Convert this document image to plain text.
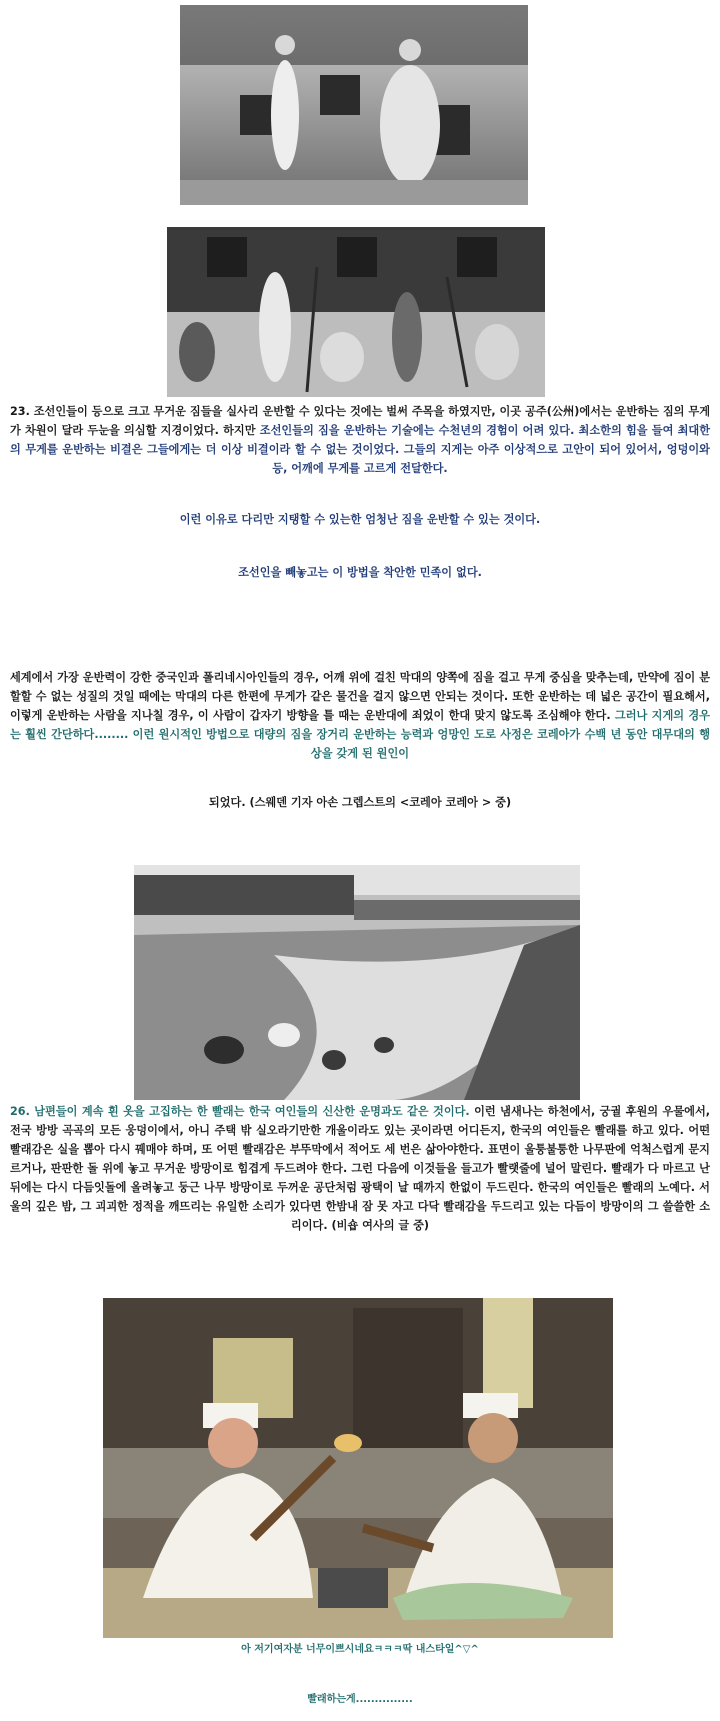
23. 조선인들이 등으로 크고 무거운 짐들을 실사리 운반할 수 있다는 것에는 벌써 주목을 하였지만, 이곳 공주(公州)에서는 운반하는 짐의 무게가 차원이 달라 두눈을 의심할 지경이었다. 하지만 조선인들의 짐을 운반하는 기술에는 수천년의 경험이 어려 있다. 최소한의 힘을 들여 최대한의 무게를 운반하는 비결은 그들에게는 더 이상 비결이라 할 수 없는 것이었다. 그들의 지게는 아주 이상적으로 고안이 되어 있어서, 엉덩이와 등, 어깨에 무게를 고르게 전달한다.
이런 이유로 다리만 지탱할 수 있는한 엄청난 짐을 운반할 수 있는 것이다.
조선인을 빼놓고는 이 방법을 착안한 민족이 없다.
세계에서 가장 운반력이 강한 중국인과 폴리네시아인들의 경우, 어깨 위에 걸친 막대의 양쪽에 짐을 걸고 무게 중심을 맞추는데, 만약에 짐이 분할할 수 없는 성질의 것일 때에는 막대의 다른 한편에 무게가 같은 물건을 걸지 않으면 안되는 것이다. 또한 운반하는 데 넓은 공간이 필요해서, 이렇게 운반하는 사람을 지나칠 경우, 이 사람이 갑자기 방향을 틀 때는 운반대에 죄었이 한대 맞지 않도록 조심해야 한다. 그러나 지게의 경우는 훨씬 간단하다........ 이런 원시적인 방법으로 대량의 짐을 장거리 운반하는 능력과 엉망인 도로 사정은 코레아가 수백 년 동안 대무대의 행상을 갖게 된 원인이
되었다. (스웨덴 기자 아손 그렙스트의 <코레아 코레아 > 중)
26. 남편들이 계속 흰 옷을 고집하는 한 빨래는 한국 여인들의 신산한 운명과도 같은 것이다. 이런 냄새나는 하천에서, 궁궐 후원의 우물에서, 전국 방방 곡곡의 모든 웅덩이에서, 아니 주택 밖 실오라기만한 개울이라도 있는 곳이라면 어디든지, 한국의 여인들은 빨래를 하고 있다. 어떤 빨래감은 실을 뽑아 다시 꿰매야 하며, 또 어떤 빨래감은 부뚜막에서 적어도 세 번은 삶아야한다. 표면이 울퉁불퉁한 나무판에 억척스럽게 문지르거나, 판판한 돌 위에 놓고 무거운 방망이로 힘겹게 두드려야 한다. 그런 다음에 이것들을 들고가 빨랫줄에 널어 말린다. 빨래가 다 마르고 난 뒤에는 다시 다듬잇돌에 올려놓고 둥근 나무 방망이로 두꺼운 공단처럼 광택이 날 때까지 한없이 두드린다. 한국의 여인들은 빨래의 노예다. 서울의 깊은 밤, 그 괴괴한 정적을 깨뜨리는 유일한 소리가 있다면 한밤내 잠 못 자고 다닥 빨래감을 두드리고 있는 다듬이 방망이의 그 쓸쓸한 소리이다. (비숍 여사의 글 중)
아 저기여자분 너무이쁘시네요ㅋㅋㅋ딱 내스타일^▽^
빨래하는게...............
